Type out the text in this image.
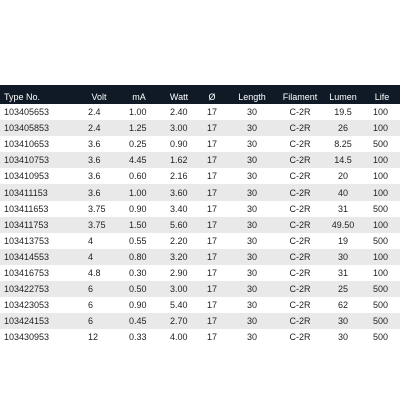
Type No.	Volt	mA	Watt	Ø	Length	Filament	Lumen	Life
103405653	2.4	1.00	2.40	17	30	C-2R	19.5	100
103405853	2.4	1.25	3.00	17	30	C-2R	26	100
103410653	3.6	0.25	0.90	17	30	C-2R	8.25	500
103410753	3.6	4.45	1.62	17	30	C-2R	14.5	100
103410953	3.6	0.60	2.16	17	30	C-2R	20	100
103411153	3.6	1.00	3.60	17	30	C-2R	40	100
103411653	3.75	0.90	3.40	17	30	C-2R	31	500
103411753	3.75	1.50	5.60	17	30	C-2R	49.50	100
103413753	4	0.55	2.20	17	30	C-2R	19	500
103414553	4	0.80	3.20	17	30	C-2R	30	100
103416753	4.8	0.30	2.90	17	30	C-2R	31	100
103422753	6	0.50	3.00	17	30	C-2R	25	500
103423053	6	0.90	5.40	17	30	C-2R	62	500
103424153	6	0.45	2.70	17	30	C-2R	30	500
103430953	12	0.33	4.00	17	30	C-2R	30	500
